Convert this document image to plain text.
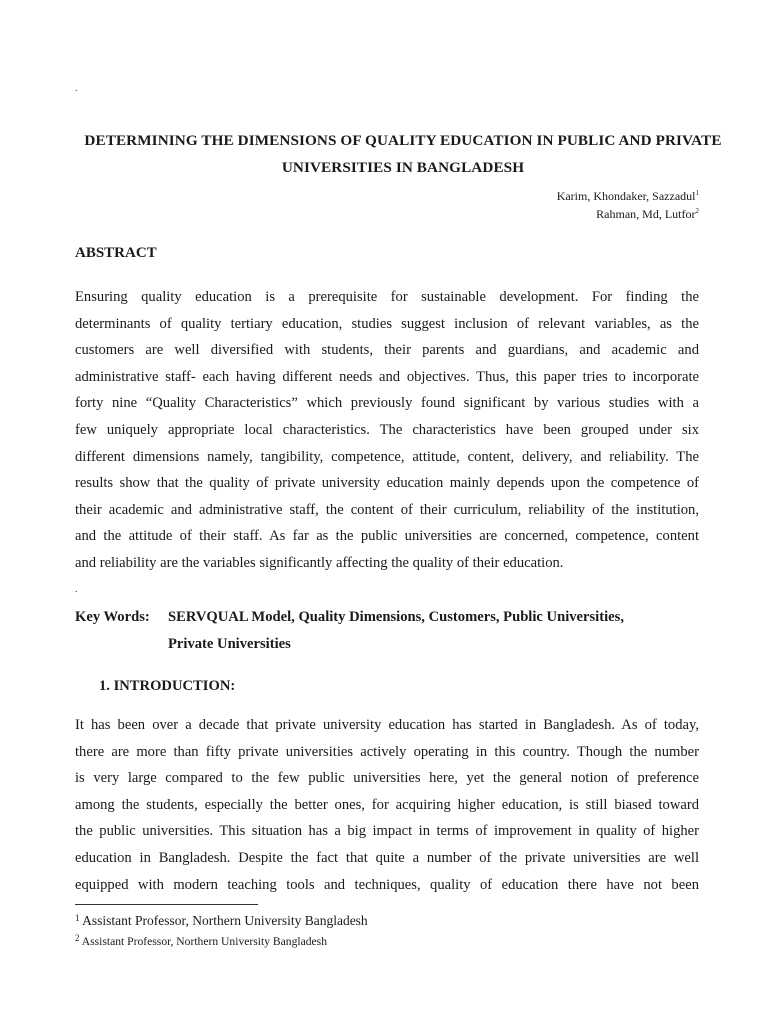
.
DETERMINING THE DIMENSIONS OF QUALITY EDUCATION IN PUBLIC AND PRIVATE
UNIVERSITIES IN BANGLADESH
Karim, Khondaker, Sazzadul$^1$
Rahman, Md, Lutfor$^2$
ABSTRACT
Ensuring quality education is a prerequisite for sustainable development. For finding the
determinants of quality tertiary education, studies suggest inclusion of relevant variables, as the
customers are well diversified with students, their parents and guardians, and academic and
administrative staff- each having different needs and objectives. Thus, this paper tries to incorporate
forty nine “Quality Characteristics” which previously found significant by various studies with a
few uniquely appropriate local characteristics. The characteristics have been grouped under six
different dimensions namely, tangibility, competence, attitude, content, delivery, and reliability. The
results show that the quality of private university education mainly depends upon the competence of
their academic and administrative staff, the content of their curriculum, reliability of the institution,
and the attitude of their staff. As far as the public universities are concerned, competence, content
and reliability are the variables significantly affecting the quality of their education.
.
Key Words: SERVQUAL Model, Quality Dimensions, Customers, Public Universities,
Private Universities
1. INTRODUCTION:
It has been over a decade that private university education has started in Bangladesh. As of today,
there are more than fifty private universities actively operating in this country. Though the number
is very large compared to the few public universities here, yet the general notion of preference
among the students, especially the better ones, for acquiring higher education, is still biased toward
the public universities. This situation has a big impact in terms of improvement in quality of higher
education in Bangladesh. Despite the fact that quite a number of the private universities are well
equipped with modern teaching tools and techniques, quality of education there have not been
$^1$ Assistant Professor, Northern University Bangladesh
$^2$ Assistant Professor, Northern University Bangladesh
